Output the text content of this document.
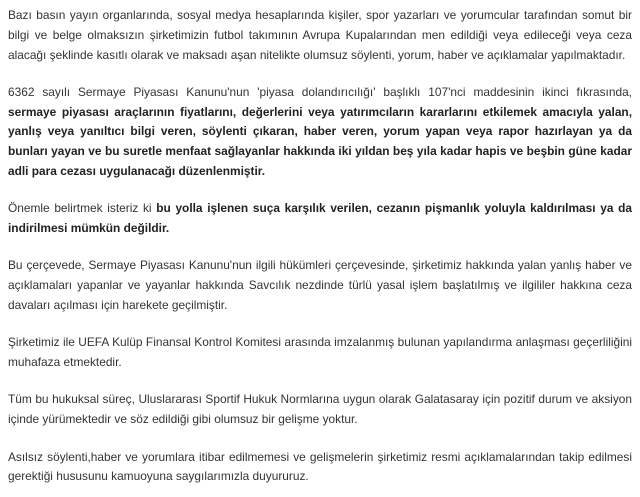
Bazı basın yayın organlarında, sosyal medya hesaplarında kişiler, spor yazarları ve yorumcular tarafından somut bir bilgi ve belge olmaksızın şirketimizin futbol takımının Avrupa Kupalarından men edildiği veya edileceği veya ceza alacağı şeklinde kasıtlı olarak ve maksadı aşan nitelikte olumsuz söylenti, yorum, haber ve açıklamalar yapılmaktadır.

6362 sayılı Sermaye Piyasası Kanunu'nun 'piyasa dolandırıcılığı' başlıklı 107'nci maddesinin ikinci fıkrasında, sermaye piyasası araçlarının fiyatlarını, değerlerini veya yatırımcıların kararlarını etkilemek amacıyla yalan, yanlış veya yanıltıcı bilgi veren, söylenti çıkaran, haber veren, yorum yapan veya rapor hazırlayan ya da bunları yayan ve bu suretle menfaat sağlayanlar hakkında iki yıldan beş yıla kadar hapis ve beşbin güne kadar adli para cezası uygulanacağı düzenlenmiştir.

Önemle belirtmek isteriz ki bu yolla işlenen suça karşılık verilen, cezanın pişmanlık yoluyla kaldırılması ya da indirilmesi mümkün değildir.

Bu çerçevede, Sermaye Piyasası Kanunu'nun ilgili hükümleri çerçevesinde, şirketimiz hakkında yalan yanlış haber ve açıklamaları yapanlar ve yayanlar hakkında Savcılık nezdinde türlü yasal işlem başlatılmış ve ilgililer hakkına ceza davaları açılması için harekete geçilmiştir.

Şirketimiz ile UEFA Kulüp Finansal Kontrol Komitesi arasında imzalanmış bulunan yapılandırma anlaşması geçerliliğini muhafaza etmektedir.

Tüm bu hukuksal süreç, Uluslararası Sportif Hukuk Normlarına uygun olarak Galatasaray için pozitif durum ve aksiyon içinde yürümektedir ve söz edildiği gibi olumsuz bir gelişme yoktur.

Asılsız söylenti,haber ve yorumlara itibar edilmemesi ve gelişmelerin şirketimiz resmi açıklamalarından takip edilmesi gerektiği hususunu kamuoyuna saygılarımızla duyururuz.
